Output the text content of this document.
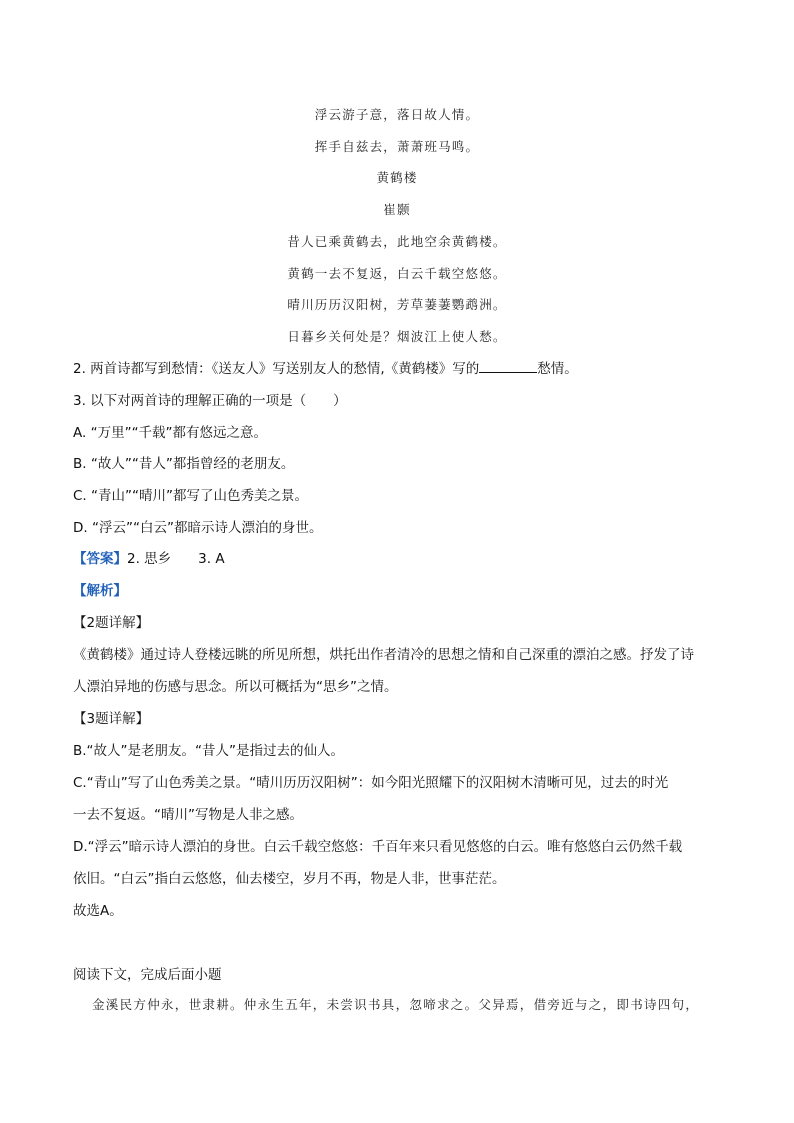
浮云游子意，落日故人情。
挥手自兹去，萧萧班马鸣。
黄鹤楼
崔颢
昔人已乘黄鹤去，此地空余黄鹤楼。
黄鹤一去不复返，白云千载空悠悠。
晴川历历汉阳树，芳草萋萋鹦鹉洲。
日暮乡关何处是？烟波江上使人愁。
2. 两首诗都写到愁情：《送友人》写送别友人的愁情,《黄鹤楼》写的	愁情。
3. 以下对两首诗的理解正确的一项是（　　）
A. “万里”“千载”都有悠远之意。
B. “故人”“昔人”都指曾经的老朋友。
C. “青山”“晴川”都写了山色秀美之景。
D. “浮云”“白云”都暗示诗人漂泊的身世。
【答案】2. 思乡　　3. A
【解析】
【2题详解】
《黄鹤楼》通过诗人登楼远眺的所见所想，烘托出作者清冷的思想之情和自己深重的漂泊之感。抒发了诗
人漂泊异地的伤感与思念。所以可概括为“思乡”之情。
【3题详解】
B.“故人”是老朋友。“昔人”是指过去的仙人。
C.“青山”写了山色秀美之景。“晴川历历汉阳树”：如今阳光照耀下的汉阳树木清晰可见，过去的时光
一去不复返。“晴川”写物是人非之感。
D.“浮云”暗示诗人漂泊的身世。白云千载空悠悠：千百年来只看见悠悠的白云。唯有悠悠白云仍然千载
依旧。“白云”指白云悠悠，仙去楼空，岁月不再，物是人非，世事茫茫。
故选A。
阅读下文，完成后面小题
金溪民方仲永，世隶耕。仲永生五年，未尝识书具，忽啼求之。父异焉，借旁近与之，即书诗四句，
